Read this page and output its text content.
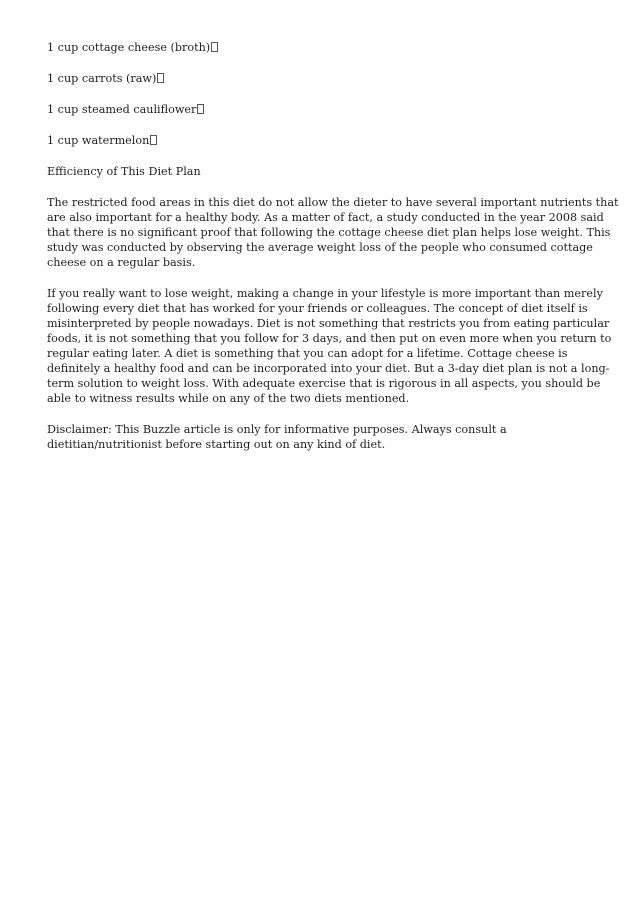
1 cup cottage cheese (broth)
1 cup carrots (raw)
1 cup steamed cauliflower
1 cup watermelon
Efficiency of This Diet Plan
The restricted food areas in this diet do not allow the dieter to have several important nutrients that
are also important for a healthy body. As a matter of fact, a study conducted in the year 2008 said
that there is no significant proof that following the cottage cheese diet plan helps lose weight. This
study was conducted by observing the average weight loss of the people who consumed cottage
cheese on a regular basis.
If you really want to lose weight, making a change in your lifestyle is more important than merely
following every diet that has worked for your friends or colleagues. The concept of diet itself is
misinterpreted by people nowadays. Diet is not something that restricts you from eating particular
foods, it is not something that you follow for 3 days, and then put on even more when you return to
regular eating later. A diet is something that you can adopt for a lifetime. Cottage cheese is
definitely a healthy food and can be incorporated into your diet. But a 3-day diet plan is not a long-
term solution to weight loss. With adequate exercise that is rigorous in all aspects, you should be
able to witness results while on any of the two diets mentioned.
Disclaimer: This Buzzle article is only for informative purposes. Always consult a
dietitian/nutritionist before starting out on any kind of diet.
